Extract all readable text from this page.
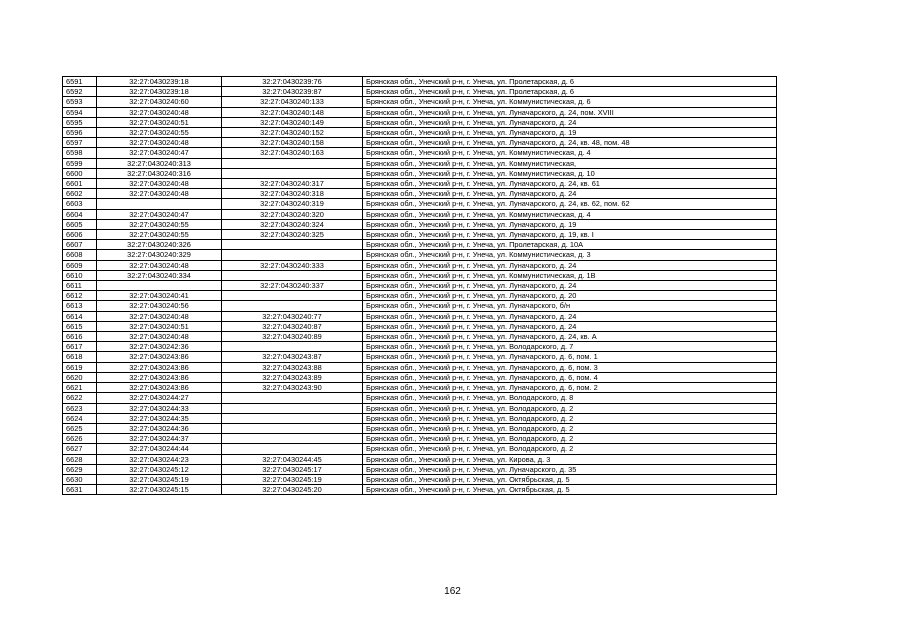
6591	32:27:0430239:18	32:27:0430239:76	Брянская обл., Унечский р-н, г. Унеча, ул. Пролетарская, д. 6
6592	32:27:0430239:18	32:27:0430239:87	Брянская обл., Унечский р-н, г. Унеча, ул. Пролетарская, д. 6
6593	32:27:0430240:60	32:27:0430240:133	Брянская обл., Унечский р-н, г. Унеча, ул. Коммунистическая, д. 6
6594	32:27:0430240:48	32:27:0430240:148	Брянская обл., Унечский р-н, г. Унеча, ул. Луначарского, д. 24, пом. XVIII
6595	32:27:0430240:51	32:27:0430240:149	Брянская обл., Унечский р-н, г. Унеча, ул. Луначарского, д. 24
6596	32:27:0430240:55	32:27:0430240:152	Брянская обл., Унечский р-н, г. Унеча, ул. Луначарского, д. 19
6597	32:27:0430240:48	32:27:0430240:158	Брянская обл., Унечский р-н, г. Унеча, ул. Луначарского, д. 24, кв. 48, пом. 48
6598	32:27:0430240:47	32:27:0430240:163	Брянская обл., Унечский р-н, г. Унеча, ул. Коммунистическая, д. 4
6599	32:27:0430240:313		Брянская обл., Унечский р-н, г. Унеча, ул. Коммунистическая,
6600	32:27:0430240:316		Брянская обл., Унечский р-н, г. Унеча, ул. Коммунистическая, д. 10
6601	32:27:0430240:48	32:27:0430240:317	Брянская обл., Унечский р-н, г. Унеча, ул. Луначарского, д. 24, кв. 61
6602	32:27:0430240:48	32:27:0430240:318	Брянская обл., Унечский р-н, г. Унеча, ул. Луначарского, д. 24
6603		32:27:0430240:319	Брянская обл., Унечский р-н, г. Унеча, ул. Луначарского, д. 24, кв. 62, пом. 62
6604	32:27:0430240:47	32:27:0430240:320	Брянская обл., Унечский р-н, г. Унеча, ул. Коммунистическая, д. 4
6605	32:27:0430240:55	32:27:0430240:324	Брянская обл., Унечский р-н, г. Унеча, ул. Луначарского, д. 19
6606	32:27:0430240:55	32:27:0430240:325	Брянская обл., Унечский р-н, г. Унеча, ул. Луначарского, д. 19, кв. I
6607	32:27:0430240:326		Брянская обл., Унечский р-н, г. Унеча, ул. Пролетарская, д. 10А
6608	32:27:0430240:329		Брянская обл., Унечский р-н, г. Унеча, ул. Коммунистическая, д. 3
6609	32:27:0430240:48	32:27:0430240:333	Брянская обл., Унечский р-н, г. Унеча, ул. Луначарского, д. 24
6610	32:27:0430240:334		Брянская обл., Унечский р-н, г. Унеча, ул. Коммунистическая, д. 1В
6611		32:27:0430240:337	Брянская обл., Унечский р-н, г. Унеча, ул. Луначарского, д. 24
6612	32:27:0430240:41		Брянская обл., Унечский р-н, г. Унеча, ул. Луначарского, д. 20
6613	32:27:0430240:56		Брянская обл., Унечский р-н, г. Унеча, ул. Луначарского, б/н
6614	32:27:0430240:48	32:27:0430240:77	Брянская обл., Унечский р-н, г. Унеча, ул. Луначарского, д. 24
6615	32:27:0430240:51	32:27:0430240:87	Брянская обл., Унечский р-н, г. Унеча, ул. Луначарского, д. 24
6616	32:27:0430240:48	32:27:0430240:89	Брянская обл., Унечский р-н, г. Унеча, ул. Луначарского, д. 24, кв. А
6617	32:27:0430242:36		Брянская обл., Унечский р-н, г. Унеча, ул. Володарского, д. 7
6618	32:27:0430243:86	32:27:0430243:87	Брянская обл., Унечский р-н, г. Унеча, ул. Луначарского, д. 6, пом. 1
6619	32:27:0430243:86	32:27:0430243:88	Брянская обл., Унечский р-н, г. Унеча, ул. Луначарского, д. 6, пом. 3
6620	32:27:0430243:86	32:27:0430243:89	Брянская обл., Унечский р-н, г. Унеча, ул. Луначарского, д. 6, пом. 4
6621	32:27:0430243:86	32:27:0430243:90	Брянская обл., Унечский р-н, г. Унеча, ул. Луначарского, д. 6, пом. 2
6622	32:27:0430244:27		Брянская обл., Унечский р-н, г. Унеча, ул. Володарского, д. 8
6623	32:27:0430244:33		Брянская обл., Унечский р-н, г. Унеча, ул. Володарского, д. 2
6624	32:27:0430244:35		Брянская обл., Унечский р-н, г. Унеча, ул. Володарского, д. 2
6625	32:27:0430244:36		Брянская обл., Унечский р-н, г. Унеча, ул. Володарского, д. 2
6626	32:27:0430244:37		Брянская обл., Унечский р-н, г. Унеча, ул. Володарского, д. 2
6627	32:27:0430244:44		Брянская обл., Унечский р-н, г. Унеча, ул. Володарского, д. 2
6628	32:27:0430244:23	32:27:0430244:45	Брянская обл., Унечский р-н, г. Унеча, ул. Кирова, д. 3
6629	32:27:0430245:12	32:27:0430245:17	Брянская обл., Унечский р-н, г. Унеча, ул. Луначарского, д. 35
6630	32:27:0430245:19	32:27:0430245:19	Брянская обл., Унечский р-н, г. Унеча, ул. Октябрьская, д. 5
6631	32:27:0430245:15	32:27:0430245:20	Брянская обл., Унечский р-н, г. Унеча, ул. Октябрьская, д. 5
162
